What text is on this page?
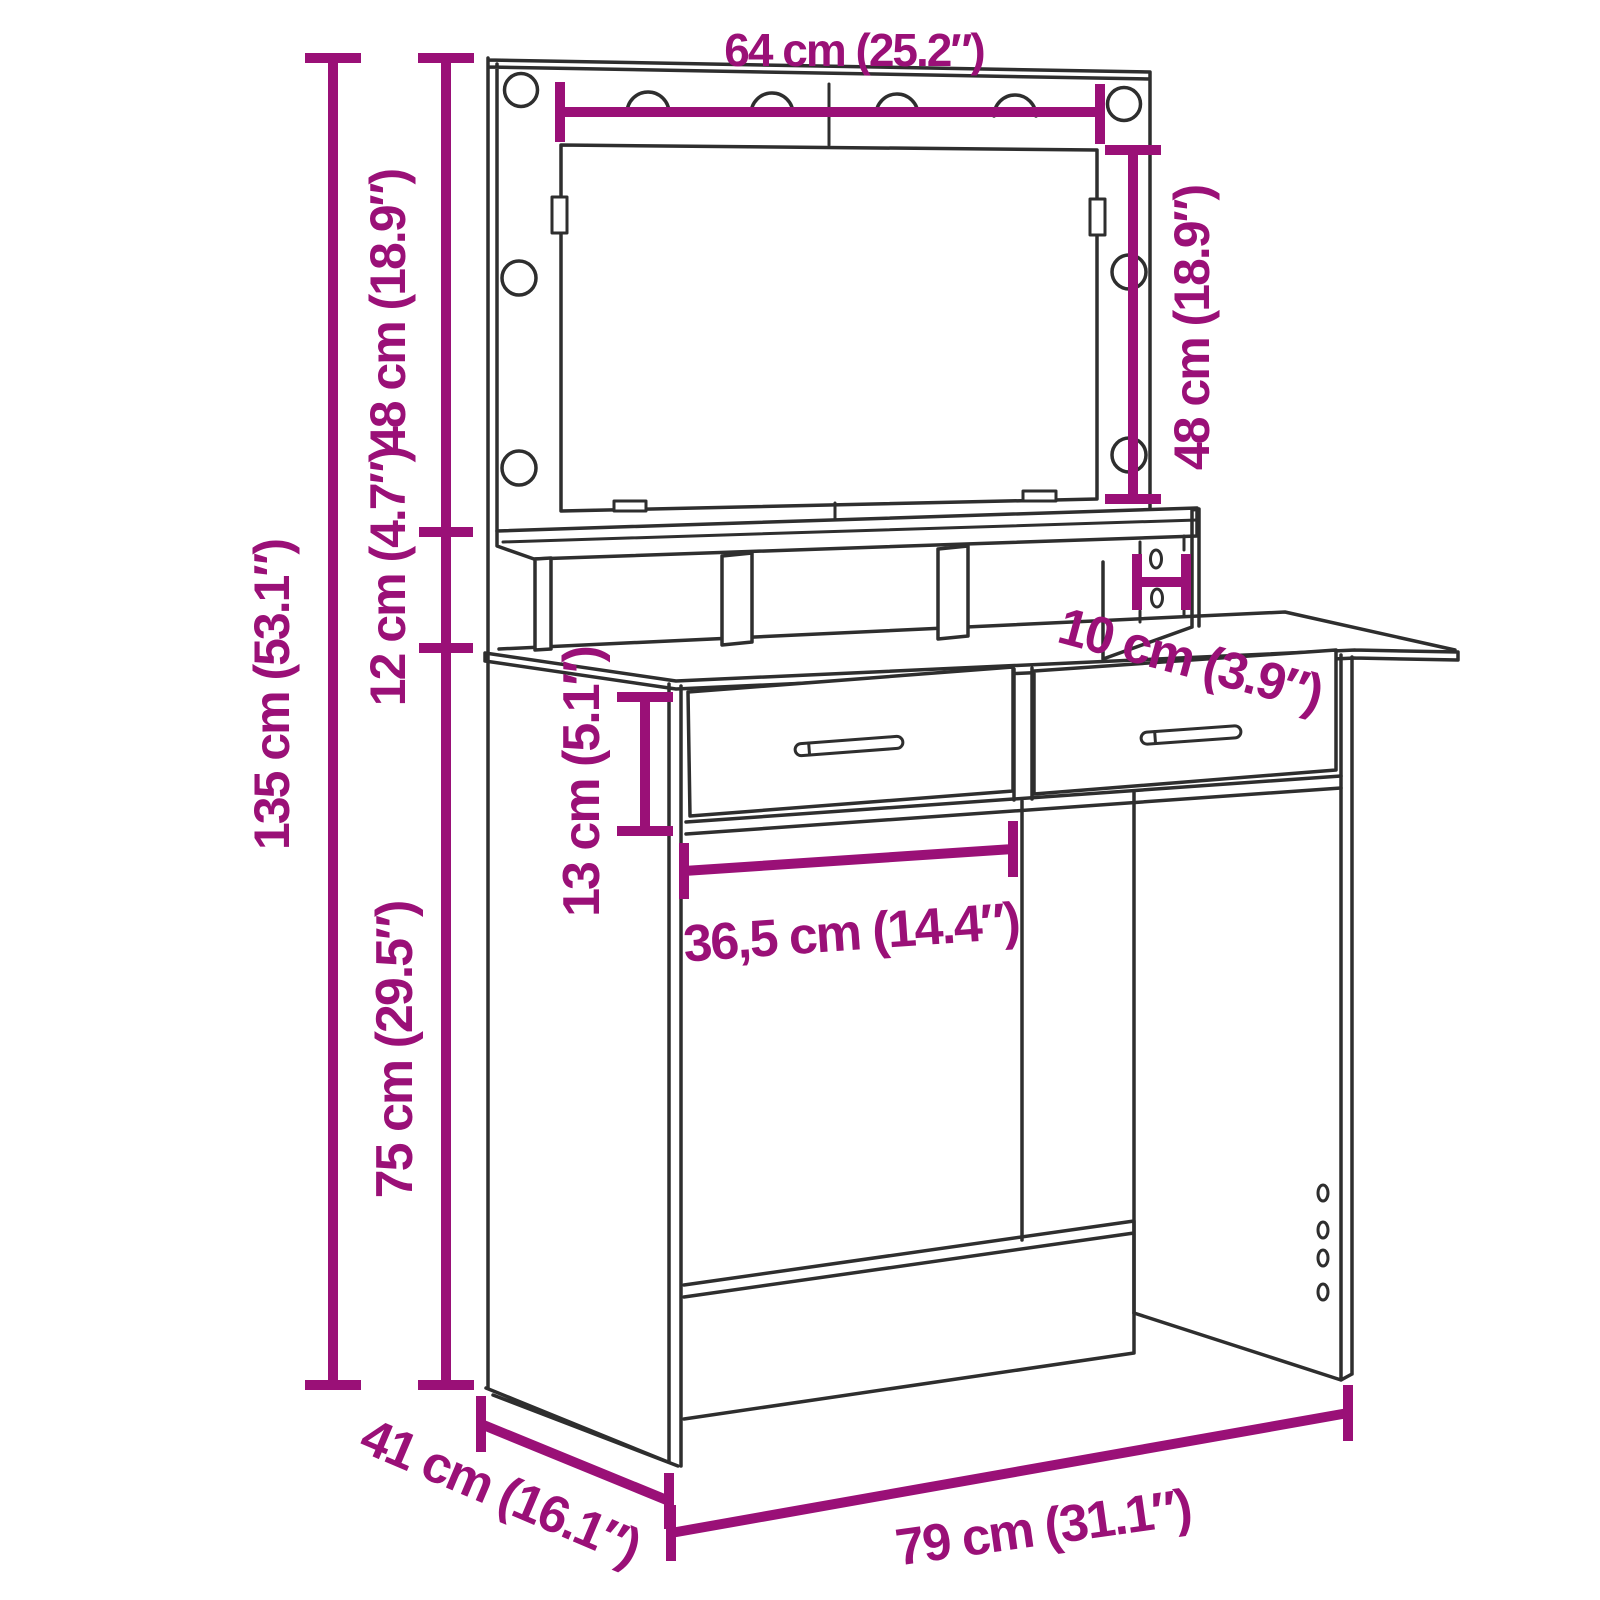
64 cm (25.2″)
135 cm (53.1″)
48 cm (18.9″)
12 cm (4.7″)
75 cm (29.5″)
48 cm (18.9″)
10 cm (3.9″)
13 cm (5.1″)
36,5 cm (14.4″)
79 cm (31.1″)
41 cm (16.1″)
